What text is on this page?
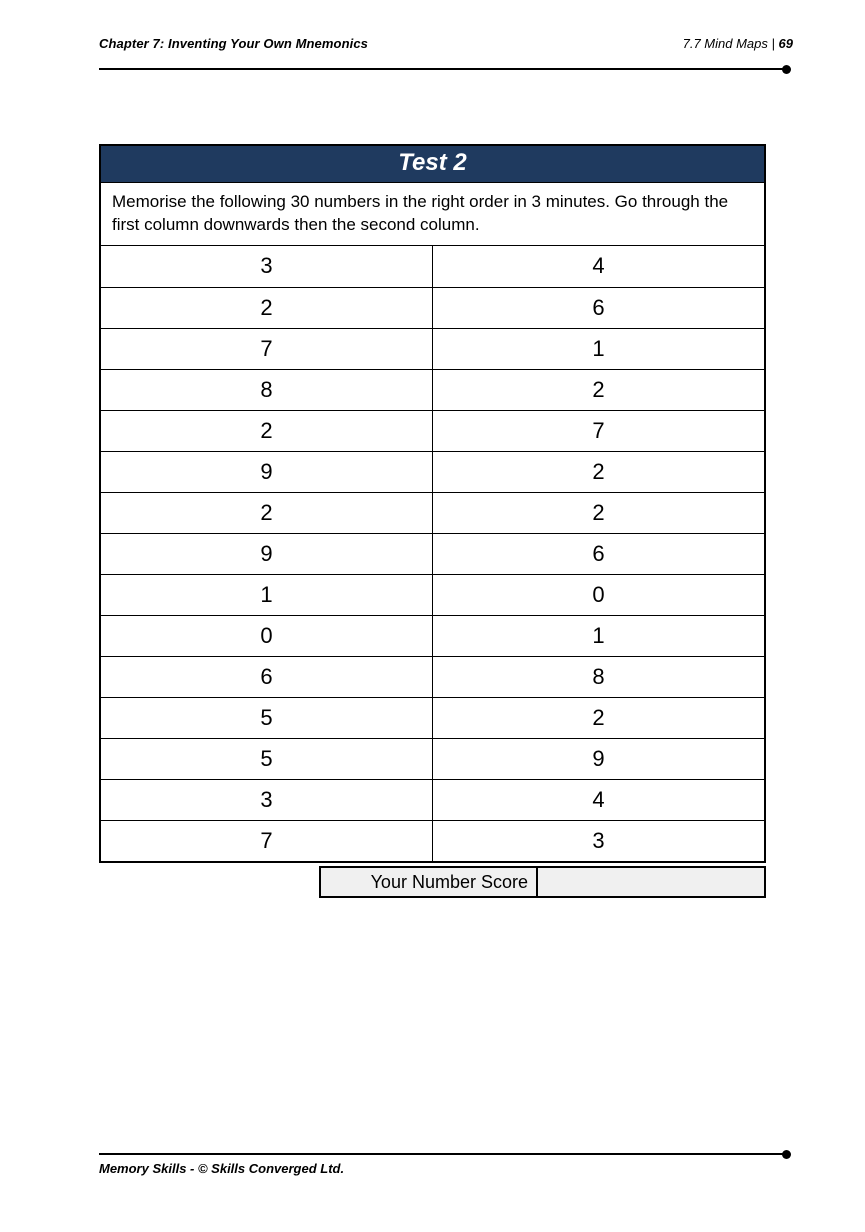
Chapter 7: Inventing Your Own Mnemonics	7.7 Mind Maps | 69
Test 2
Memorise the following 30 numbers in the right order in 3 minutes. Go through the first column downwards then the second column.
3	4
2	6
7	1
8	2
2	7
9	2
2	2
9	6
1	0
0	1
6	8
5	2
5	9
3	4
7	3
Your Number Score
Memory Skills - © Skills Converged Ltd.
